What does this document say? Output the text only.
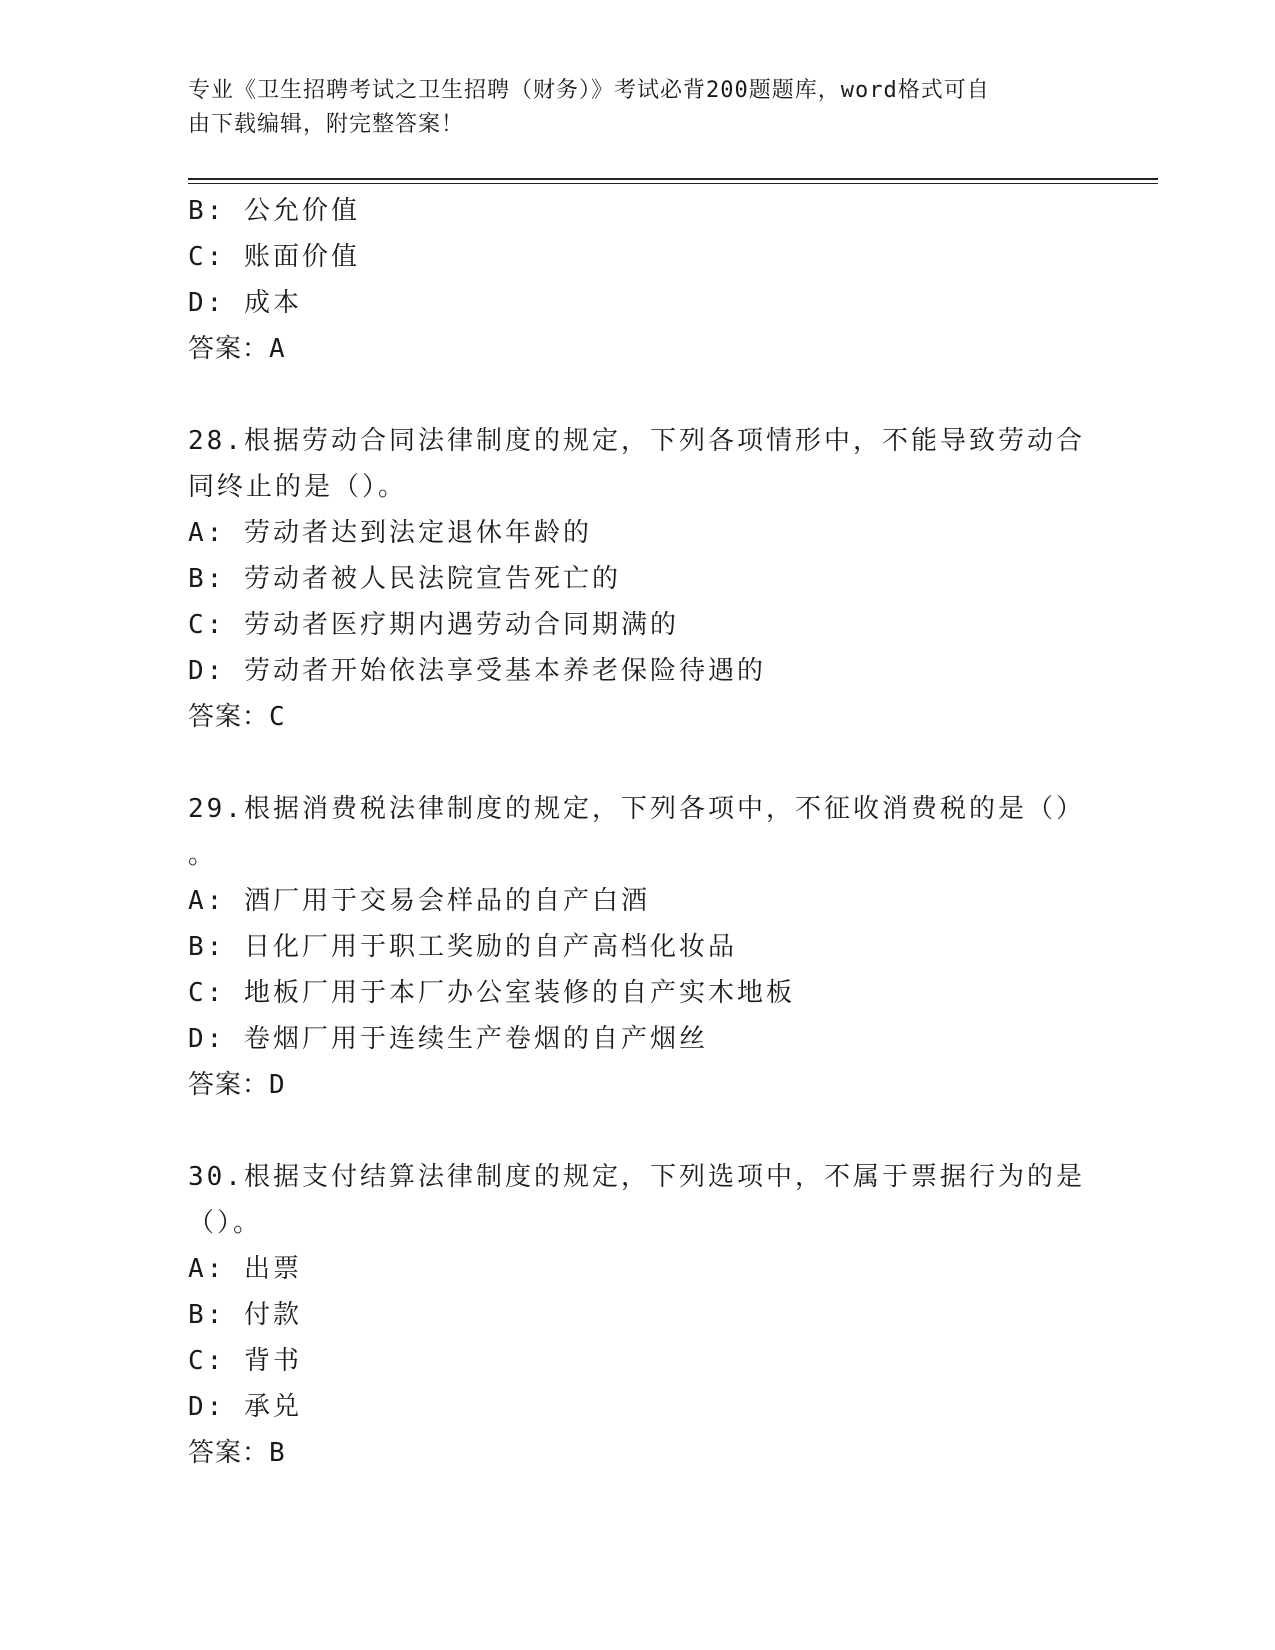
专业《卫生招聘考试之卫生招聘（财务）》考试必背200题题库，word格式可自
由下载编辑，附完整答案！
B: 公允价值
C: 账面价值
D: 成本
答案：A
28.根据劳动合同法律制度的规定，下列各项情形中，不能导致劳动合
同终止的是（）。
A: 劳动者达到法定退休年龄的
B: 劳动者被人民法院宣告死亡的
C: 劳动者医疗期内遇劳动合同期满的
D: 劳动者开始依法享受基本养老保险待遇的
答案：C
29.根据消费税法律制度的规定，下列各项中，不征收消费税的是（）
。
A: 酒厂用于交易会样品的自产白酒
B: 日化厂用于职工奖励的自产高档化妆品
C: 地板厂用于本厂办公室装修的自产实木地板
D: 卷烟厂用于连续生产卷烟的自产烟丝
答案：D
30.根据支付结算法律制度的规定，下列选项中，不属于票据行为的是
（）。
A: 出票
B: 付款
C: 背书
D: 承兑
答案：B
